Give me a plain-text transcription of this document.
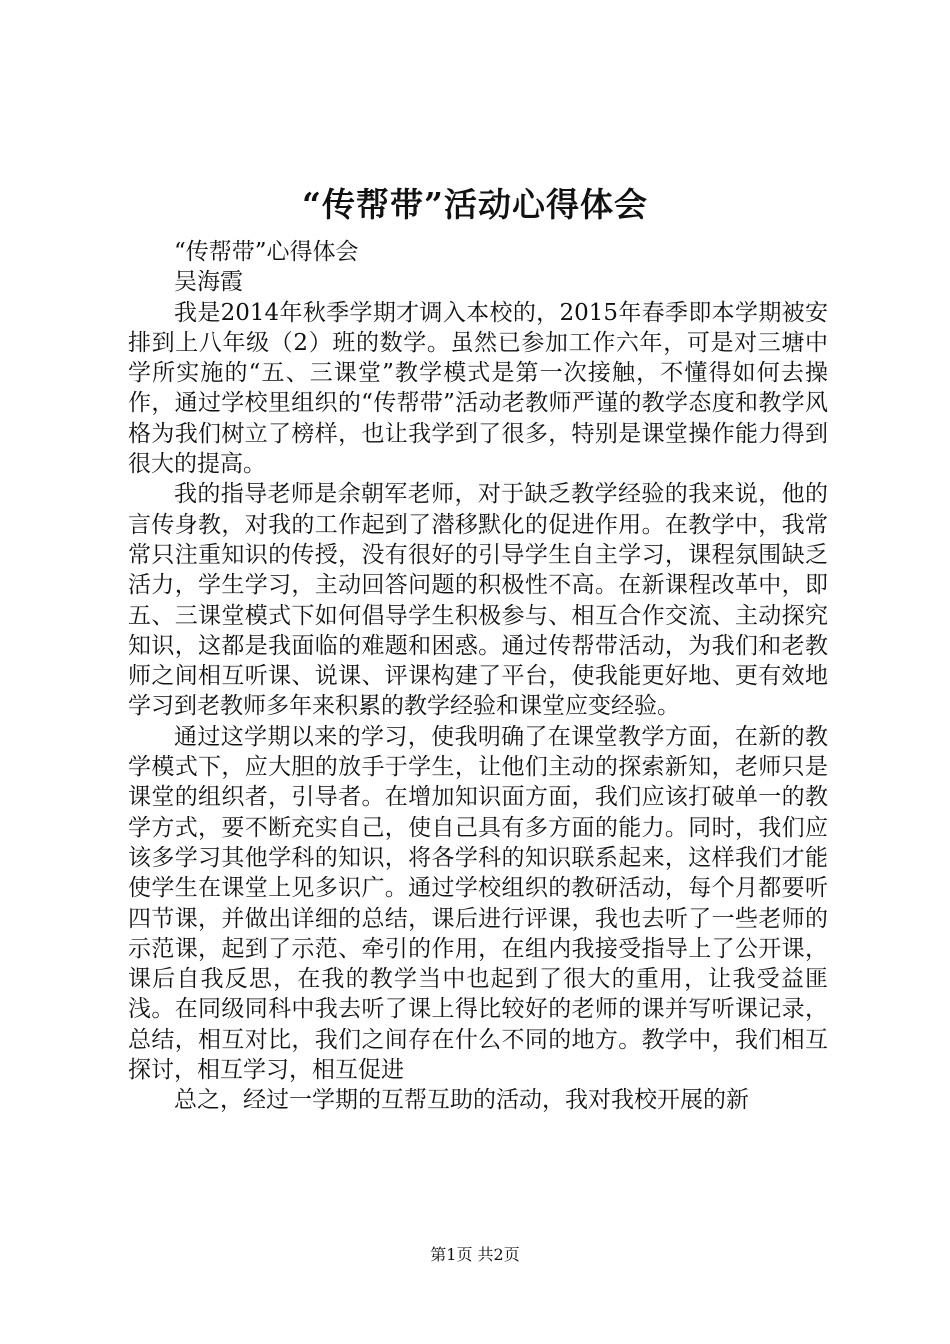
“传帮带”活动心得体会

“传帮带”心得体会

吴海霞

我是2014年秋季学期才调入本校的，2015年春季即本学期被安排到上八年级（2）班的数学。虽然已参加工作六年，可是对三塘中学所实施的“五、三课堂”教学模式是第一次接触，不懂得如何去操作，通过学校里组织的“传帮带”活动老教师严谨的教学态度和教学风格为我们树立了榜样，也让我学到了很多，特别是课堂操作能力得到很大的提高。

我的指导老师是余朝军老师，对于缺乏教学经验的我来说，他的言传身教，对我的工作起到了潜移默化的促进作用。在教学中，我常常只注重知识的传授，没有很好的引导学生自主学习，课程氛围缺乏活力，学生学习，主动回答问题的积极性不高。在新课程改革中，即五、三课堂模式下如何倡导学生积极参与、相互合作交流、主动探究知识，这都是我面临的难题和困惑。通过传帮带活动，为我们和老教师之间相互听课、说课、评课构建了平台，使我能更好地、更有效地学习到老教师多年来积累的教学经验和课堂应变经验。

通过这学期以来的学习，使我明确了在课堂教学方面，在新的教学模式下，应大胆的放手于学生，让他们主动的探索新知，老师只是课堂的组织者，引导者。在增加知识面方面，我们应该打破单一的教学方式，要不断充实自己，使自己具有多方面的能力。同时，我们应该多学习其他学科的知识，将各学科的知识联系起来，这样我们才能使学生在课堂上见多识广。通过学校组织的教研活动，每个月都要听四节课，并做出详细的总结，课后进行评课，我也去听了一些老师的示范课，起到了示范、牵引的作用，在组内我接受指导上了公开课，课后自我反思，在我的教学当中也起到了很大的重用，让我受益匪浅。在同级同科中我去听了课上得比较好的老师的课并写听课记录，总结，相互对比，我们之间存在什么不同的地方。教学中，我们相互探讨，相互学习，相互促进

总之，经过一学期的互帮互助的活动，我对我校开展的新

第1页 共2页
